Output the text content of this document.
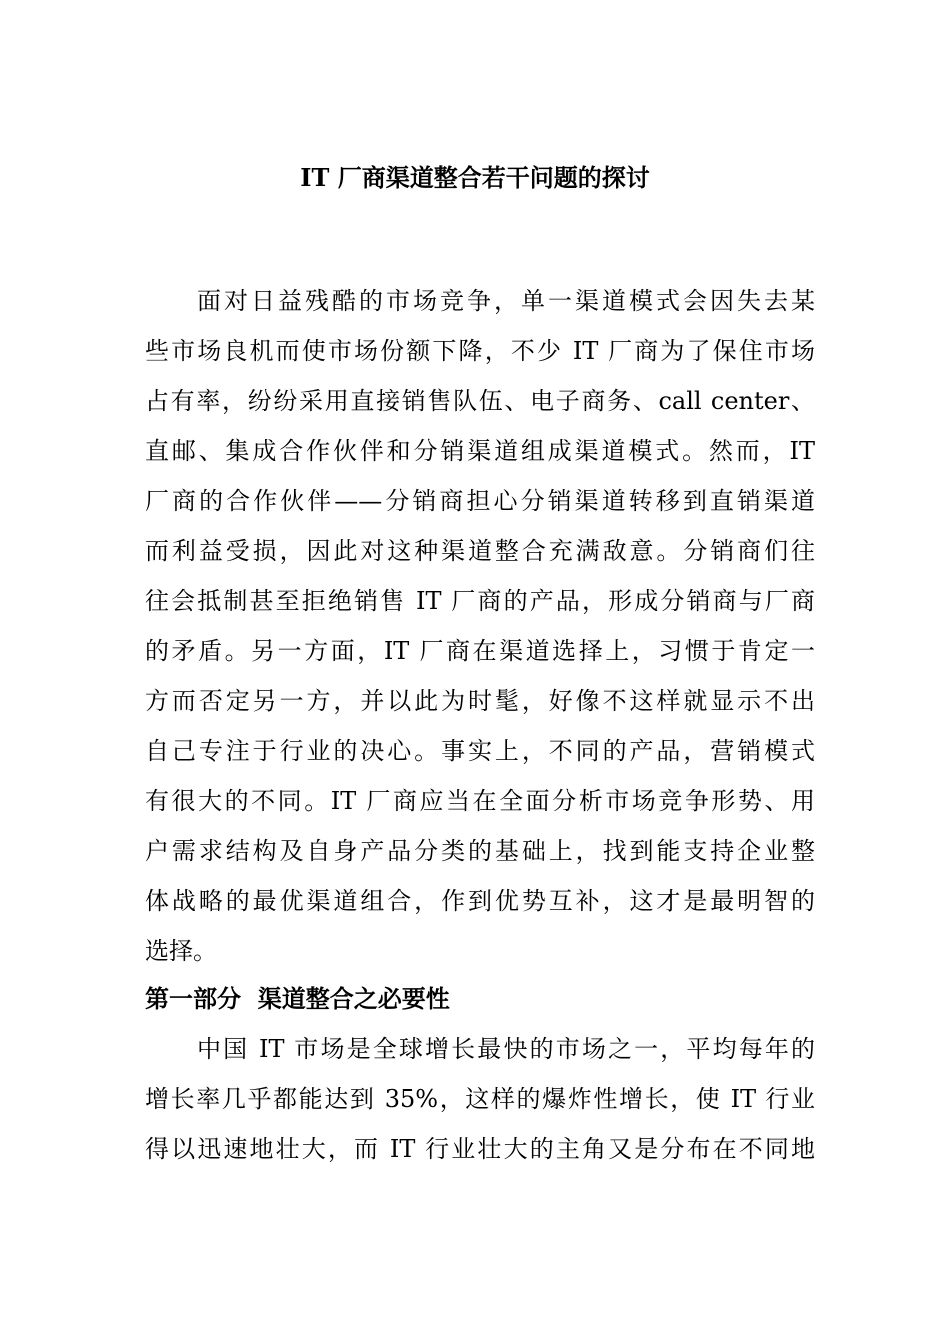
IT 厂商渠道整合若干问题的探讨
面对日益残酷的市场竞争，单一渠道模式会因失去某
些市场良机而使市场份额下降，不少 IT 厂商为了保住市场
占有率，纷纷采用直接销售队伍、电子商务、call center、
直邮、集成合作伙伴和分销渠道组成渠道模式。然而，IT
厂商的合作伙伴——分销商担心分销渠道转移到直销渠道
而利益受损，因此对这种渠道整合充满敌意。分销商们往
往会抵制甚至拒绝销售 IT 厂商的产品，形成分销商与厂商
的矛盾。另一方面，IT 厂商在渠道选择上，习惯于肯定一
方而否定另一方，并以此为时髦，好像不这样就显示不出
自己专注于行业的决心。事实上，不同的产品，营销模式
有很大的不同。IT 厂商应当在全面分析市场竞争形势、用
户需求结构及自身产品分类的基础上，找到能支持企业整
体战略的最优渠道组合，作到优势互补，这才是最明智的
选择。
第一部分  渠道整合之必要性
中国 IT 市场是全球增长最快的市场之一，平均每年的
增长率几乎都能达到 35%，这样的爆炸性增长，使 IT 行业
得以迅速地壮大，而 IT 行业壮大的主角又是分布在不同地
